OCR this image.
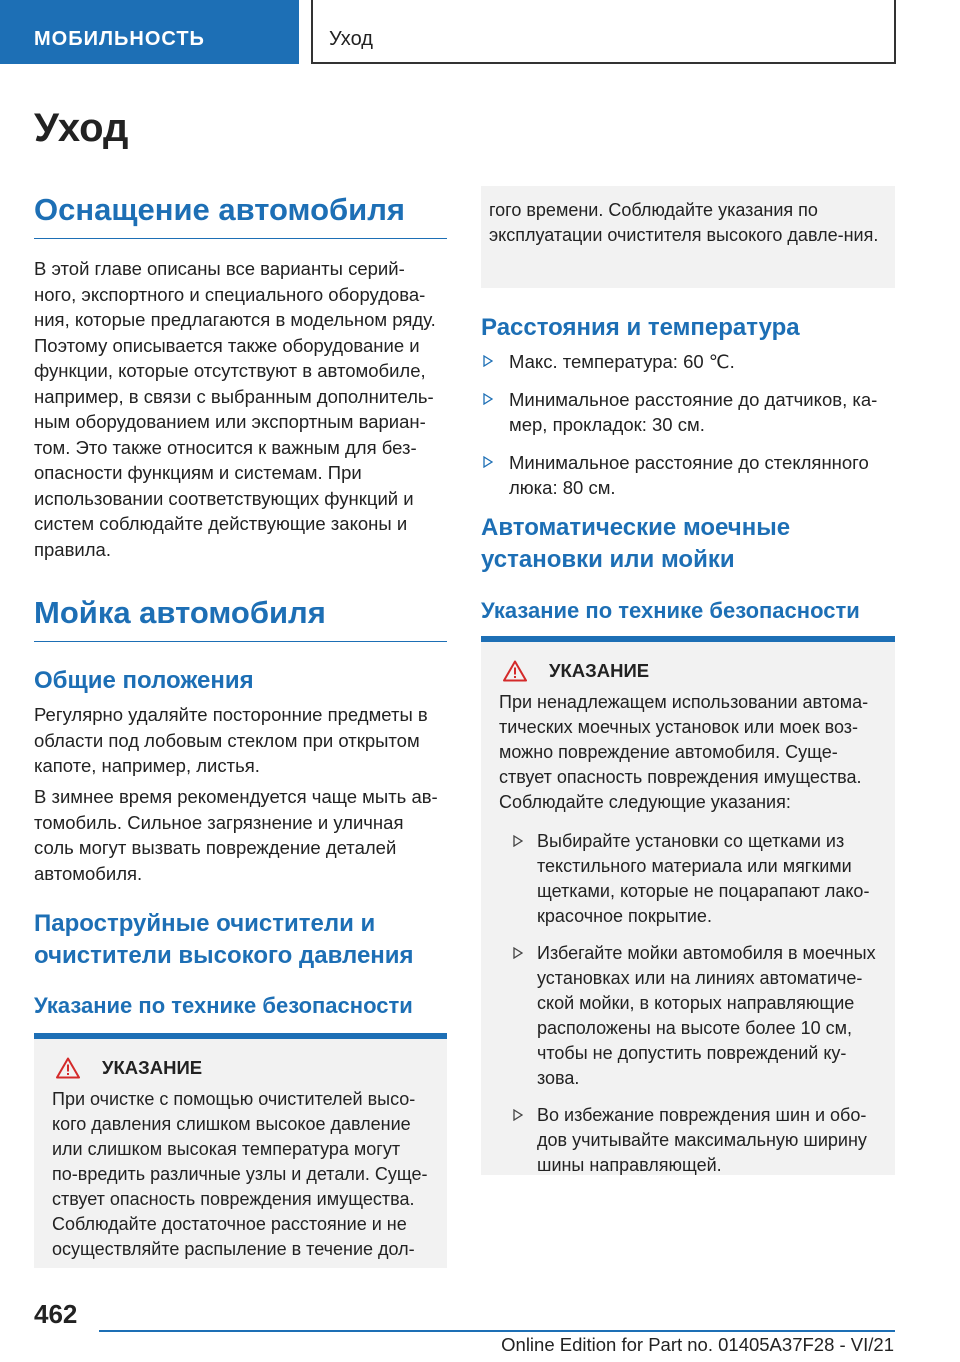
МОБИЛЬНОСТЬ	Уход
Уход
Оснащение автомобиля
В этой главе описаны все варианты серий-ного, экспортного и специального оборудова-ния, которые предлагаются в модельном ряду. Поэтому описывается также оборудование и функции, которые отсутствуют в автомобиле, например, в связи с выбранным дополнитель-ным оборудованием или экспортным вариан-том. Это также относится к важным для без-опасности функциям и системам. При использовании соответствующих функций и систем соблюдайте действующие законы и правила.
Мойка автомобиля
Общие положения
Регулярно удаляйте посторонние предметы в области под лобовым стеклом при открытом капоте, например, листья.
В зимнее время рекомендуется чаще мыть ав-томобиль. Сильное загрязнение и уличная соль могут вызвать повреждение деталей автомобиля.
Пароструйные очистители и очистители высокого давления
Указание по технике безопасности
УКАЗАНИЕ
При очистке с помощью очистителей высо-кого давления слишком высокое давление или слишком высокая температура могут по-вредить различные узлы и детали. Суще-ствует опасность повреждения имущества. Соблюдайте достаточное расстояние и не осуществляйте распыление в течение дол-
гого времени. Соблюдайте указания по эксплуатации очистителя высокого давле-ния.
Расстояния и температура
Макс. температура: 60 ℃.
Минимальное расстояние до датчиков, ка-мер, прокладок: 30 см.
Минимальное расстояние до стеклянного люка: 80 см.
Автоматические моечные установки или мойки
Указание по технике безопасности
УКАЗАНИЕ
При ненадлежащем использовании автома-тических моечных установок или моек воз-можно повреждение автомобиля. Суще-ствует опасность повреждения имущества. Соблюдайте следующие указания:
Выбирайте установки со щетками из текстильного материала или мягкими щетками, которые не поцарапают лако-красочное покрытие.
Избегайте мойки автомобиля в моечных установках или на линиях автоматиче-ской мойки, в которых направляющие расположены на высоте более 10 см, чтобы не допустить повреждений ку-зова.
Во избежание повреждения шин и обо-дов учитывайте максимальную ширину шины направляющей.
462
Online Edition for Part no. 01405A37F28 - VI/21
